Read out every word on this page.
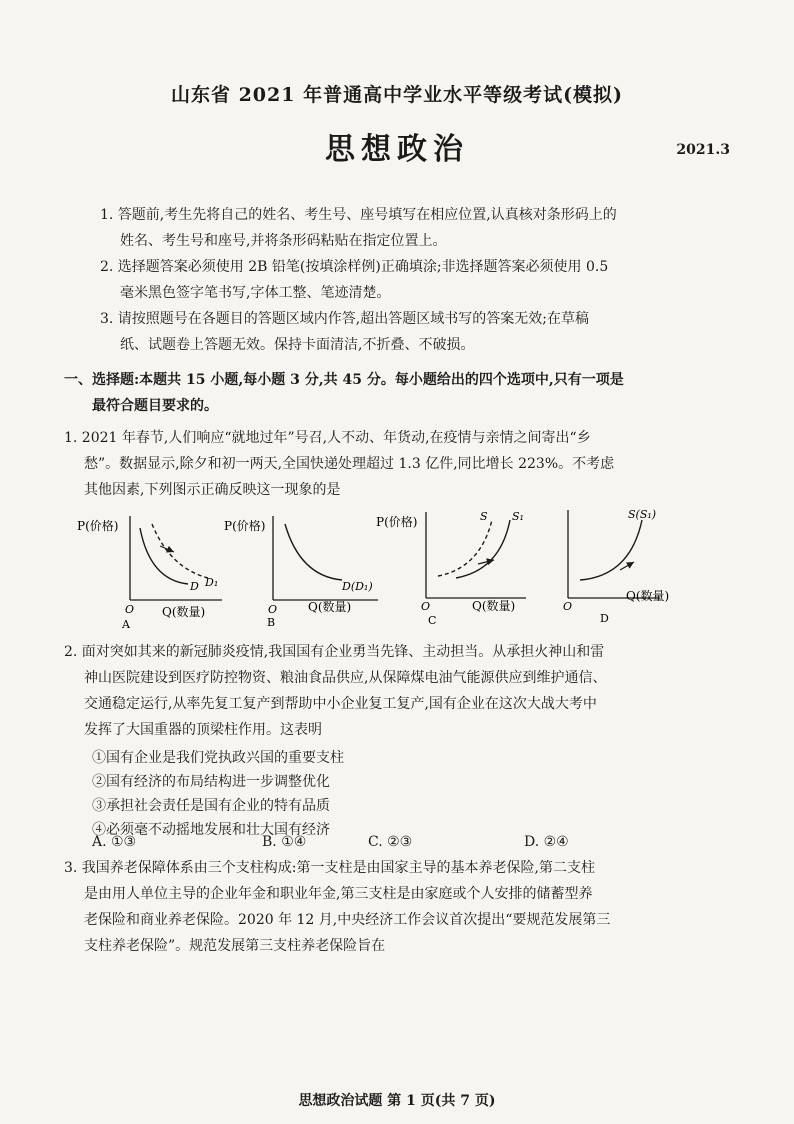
山东省 2021 年普通高中学业水平等级考试(模拟)
思想政治	2021.3
1. 答题前,考生先将自己的姓名、考生号、座号填写在相应位置,认真核对条形码上的
姓名、考生号和座号,并将条形码粘贴在指定位置上。
2. 选择题答案必须使用 2B 铅笔(按填涂样例)正确填涂;非选择题答案必须使用 0.5
毫米黑色签字笔书写,字体工整、笔迹清楚。
3. 请按照题号在各题目的答题区域内作答,超出答题区域书写的答案无效;在草稿
纸、试题卷上答题无效。保持卡面清洁,不折叠、不破损。
一、选择题:本题共 15 小题,每小题 3 分,共 45 分。每小题给出的四个选项中,只有一项是
最符合题目要求的。
1. 2021 年春节,人们响应“就地过年”号召,人不动、年货动,在疫情与亲情之间寄出“乡
愁”。数据显示,除夕和初一两天,全国快递处理超过 1.3 亿件,同比增长 223%。不考虑
其他因素,下列图示正确反映这一现象的是
P(价格)
O Q(数量)
D D₁
A
P(价格)
O	Q(数量)
D(D₁)
B
P(价格)
O	Q(数量)
S S₁
C
O
Q(数量)
S(S₁)
D
2. 面对突如其来的新冠肺炎疫情,我国国有企业勇当先锋、主动担当。从承担火神山和雷
神山医院建设到医疗防控物资、粮油食品供应,从保障煤电油气能源供应到维护通信、
交通稳定运行,从率先复工复产到帮助中小企业复工复产,国有企业在这次大战大考中
发挥了大国重器的顶梁柱作用。这表明
①国有企业是我们党执政兴国的重要支柱
②国有经济的布局结构进一步调整优化
③承担社会责任是国有企业的特有品质
④必须毫不动摇地发展和壮大国有经济
A. ①③	B. ①④	C. ②③	D. ②④
3. 我国养老保障体系由三个支柱构成:第一支柱是由国家主导的基本养老保险,第二支柱
是由用人单位主导的企业年金和职业年金,第三支柱是由家庭或个人安排的储蓄型养
老保险和商业养老保险。2020 年 12 月,中央经济工作会议首次提出“要规范发展第三
支柱养老保险”。规范发展第三支柱养老保险旨在
思想政治试题 第 1 页(共 7 页)
